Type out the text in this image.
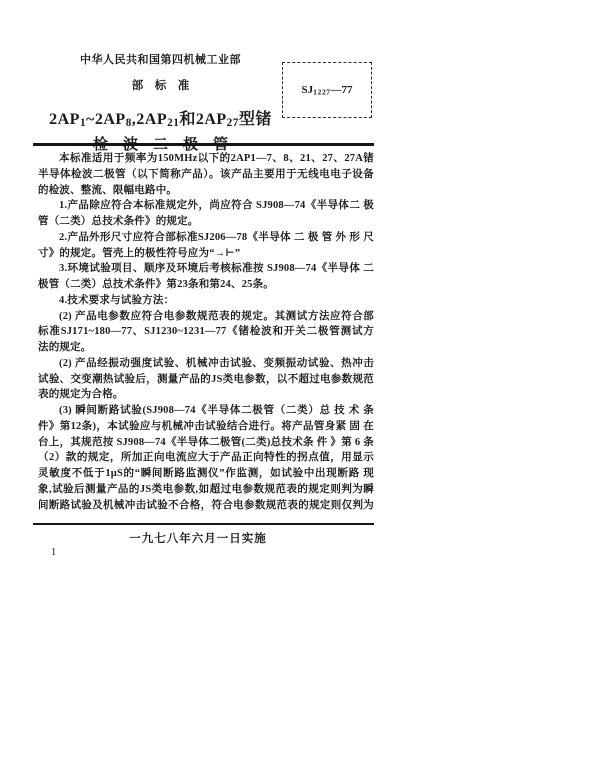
中华人民共和国第四机械工业部
部　标　准
2AP1~2AP8,2AP21和2AP27型锗
SJ1227—77
本标准适用于频率为150MHz以下的2AP1—7、8、21、27、27A锗
半导体检波二极管（以下简称产品）。该产品主要用于无线电电子设备
的检波、整流、限幅电路中。
1.产品除应符合本标准规定外，尚应符合 SJ908—74《半导体二 极
管（二类）总技术条件》的规定。
2.产品外形尺寸应符合部标准SJ206—78《半导体 二 极 管 外 形 尺
寸》的规定。管壳上的极性符号应为“→⊢”
3.环境试验项目、顺序及环境后考核标准按 SJ908—74《半导体 二
极管（二类）总技术条件》第23条和第24、25条。
4.技术要求与试验方法：
(2) 产品电参数应符合电参数规范表的规定。其测试方法应符合部
标准SJ171~180—77、SJ1230~1231—77《锗检波和开关二极管测试方
法的规定。
(2) 产品经振动强度试验、机械冲击试验、变频振动试验、热冲击
试验、交变潮热试验后，测量产品的JS类电参数，以不超过电参数规范
表的规定为合格。
(3) 瞬间断路试验(SJ908—74《半导体二极管（二类）总 技 术 条
件》第12条)，本试验应与机械冲击试验结合进行。将产品管身紧 固 在
台上，其规范按 SJ908—74《半导体二极管(二类)总技术条 件 》第 6 条
（2）款的规定，所加正向电流应大于产品正向特性的拐点值，用显示
灵敏度不低于1μS的“瞬间断路监测仪”作监测，如试验中出现断路 现
象,试验后测量产品的JS类电参数,如超过电参数规范表的规定则判为瞬
间断路试验及机械冲击试验不合格，符合电参数规范表的规定则仅判为
一九七八年六月一日实施
1
